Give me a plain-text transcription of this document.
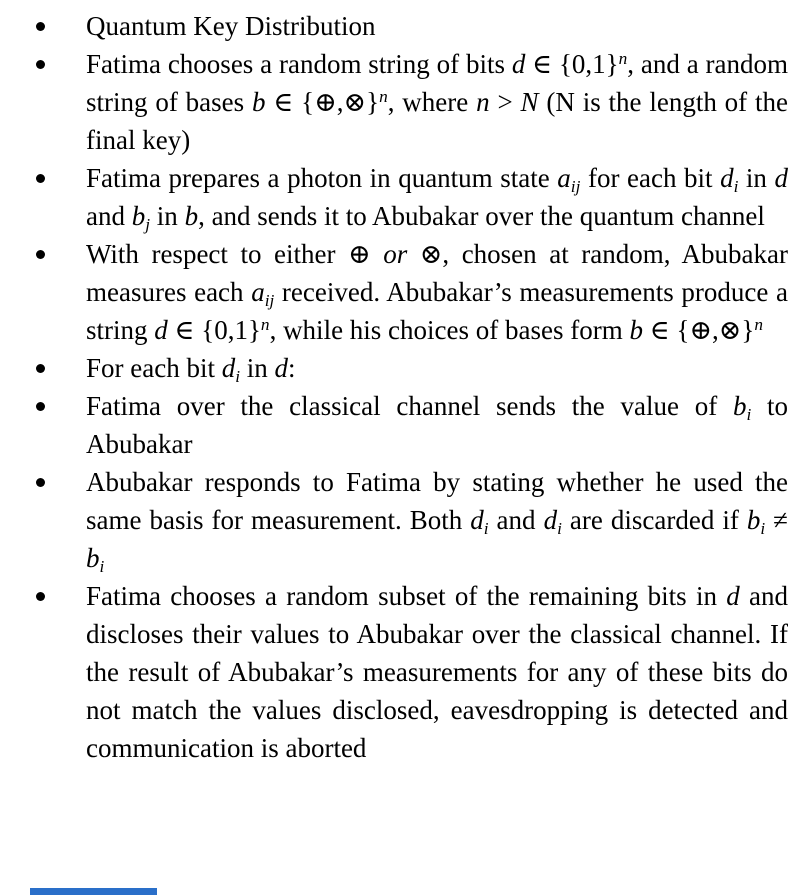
Quantum Key Distribution
Fatima chooses a random string of bits d ∈ $\{0,1\}^n$, and a random string of bases b ∈ {⊕,⊗}$^n$, where n > N (N is the length of the final key)
Fatima prepares a photon in quantum state aij for each bit di in d and bj in b, and sends it to Abubakar over the quantum channel
With respect to either ⊕ or ⊗, chosen at random, Abubakar measures each aij received. Abubakar’s measurements produce a string d ∈ $\{0,1\}^n$, while his choices of bases form b ∈ {⊕,⊗}$^n$
For each bit di in d:
Fatima over the classical channel sends the value of bi to Abubakar
Abubakar responds to Fatima by stating whether he used the same basis for measurement. Both di and di are discarded if bi ≠ bi
Fatima chooses a random subset of the remaining bits in d and discloses their values to Abubakar over the classical channel. If the result of Abubakar’s measurements for any of these bits do not match the values disclosed, eavesdropping is detected and communication is aborted
